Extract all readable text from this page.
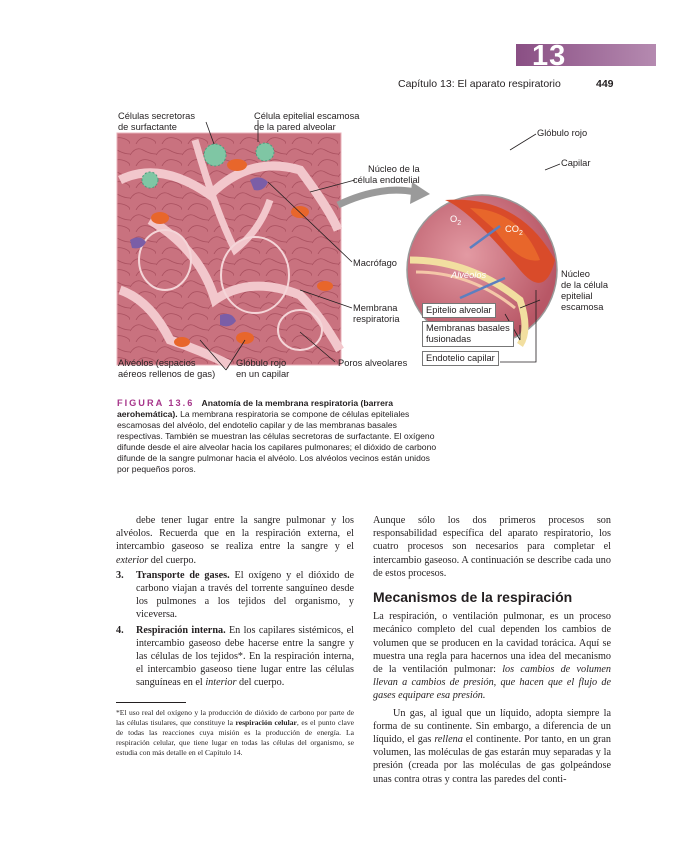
13
Capítulo 13: El aparato respiratorio	449
Células secretoras
de surfactante
Célula epitelial escamosa
de la pared alveolar
Núcleo de la
célula endotelial
Macrófago
Membrana
respiratoria
Alvéolos (espacios
aéreos rellenos de gas)
Glóbulo rojo
en un capilar
Poros alveolares
Glóbulo rojo
Capilar
$O_2$
$CO_2$
Alvéolos	Núcleo
de la célula
epitelial
escamosa
Epitelio alveolar
Membranas basales
fusionadas
Endotelio capilar
FIGURA 13.6 Anatomía de la membrana respiratoria (barrera aerohemática). La membrana respiratoria se compone de células epiteliales escamosas del alvéolo, del endotelio capilar y de las membranas basales respectivas. También se muestran las células secretoras de surfactante. El oxígeno difunde desde el aire alveolar hacia los capilares pulmonares; el dióxido de carbono difunde de la sangre pulmonar hacia el alvéolo. Los alvéolos vecinos están unidos por pequeños poros.

debe tener lugar entre la sangre pulmonar y los alvéolos. Recuerda que en la respiración externa, el intercambio gaseoso se realiza entre la sangre y el exterior del cuerpo.

3. Transporte de gases. El oxígeno y el dióxido de carbono viajan a través del torrente sanguíneo desde los pulmones a los tejidos del organismo, y viceversa.
4. Respiración interna. En los capilares sistémicos, el intercambio gaseoso debe hacerse entre la sangre y las células de los tejidos*. En la respiración interna, el intercambio gaseoso tiene lugar entre las células sanguíneas en el interior del cuerpo.
*El uso real del oxígeno y la producción de dióxido de carbono por parte de las células tisulares, que constituye la respiración celular, es el punto clave de todas las reacciones cuya misión es la producción de energía. La respiración celular, que tiene lugar en todas las células del organismo, se estudia con más detalle en el Capítulo 14.

Aunque sólo los dos primeros procesos son responsabilidad específica del aparato respiratorio, los cuatro procesos son necesarios para completar el intercambio gaseoso. A continuación se describe cada uno de estos procesos.

Mecanismos de la respiración

La respiración, o ventilación pulmonar, es un proceso mecánico completo del cual dependen los cambios de volumen que se producen en la cavidad torácica. Aquí se muestra una regla para hacernos una idea del mecanismo de la ventilación pulmonar: los cambios de volumen llevan a cambios de presión, que hacen que el flujo de gases equipare esa presión.

Un gas, al igual que un líquido, adopta siempre la forma de su continente. Sin embargo, a diferencia de un líquido, el gas rellena el continente. Por tanto, en un gran volumen, las moléculas de gas estarán muy separadas y la presión (creada por las moléculas de gas golpeándose unas contra otras y contra las paredes del conti-
